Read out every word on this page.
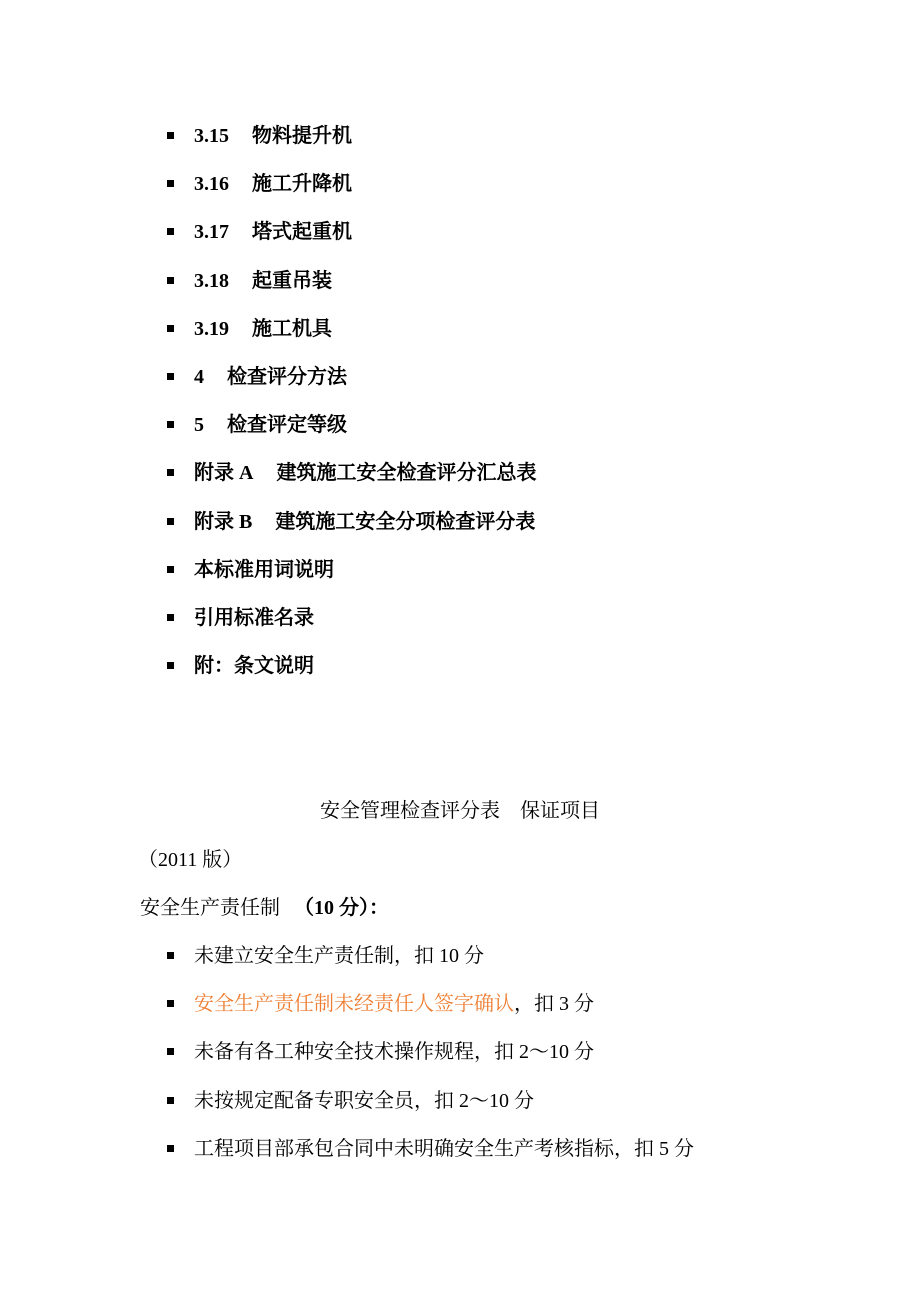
3.15 物料提升机
3.16 施工升降机
3.17 塔式起重机
3.18 起重吊装
3.19 施工机具
4 检查评分方法
5 检查评定等级
附录 A 建筑施工安全检查评分汇总表
附录 B 建筑施工安全分项检查评分表
本标准用词说明
引用标准名录
附：条文说明
安全管理检查评分表　保证项目
（2011 版）
安全生产责任制 （10 分）：
未建立安全生产责任制，扣 10 分
安全生产责任制未经责任人签字确认，扣 3 分
未备有各工种安全技术操作规程，扣 2～10 分
未按规定配备专职安全员，扣 2～10 分
工程项目部承包合同中未明确安全生产考核指标，扣 5 分
